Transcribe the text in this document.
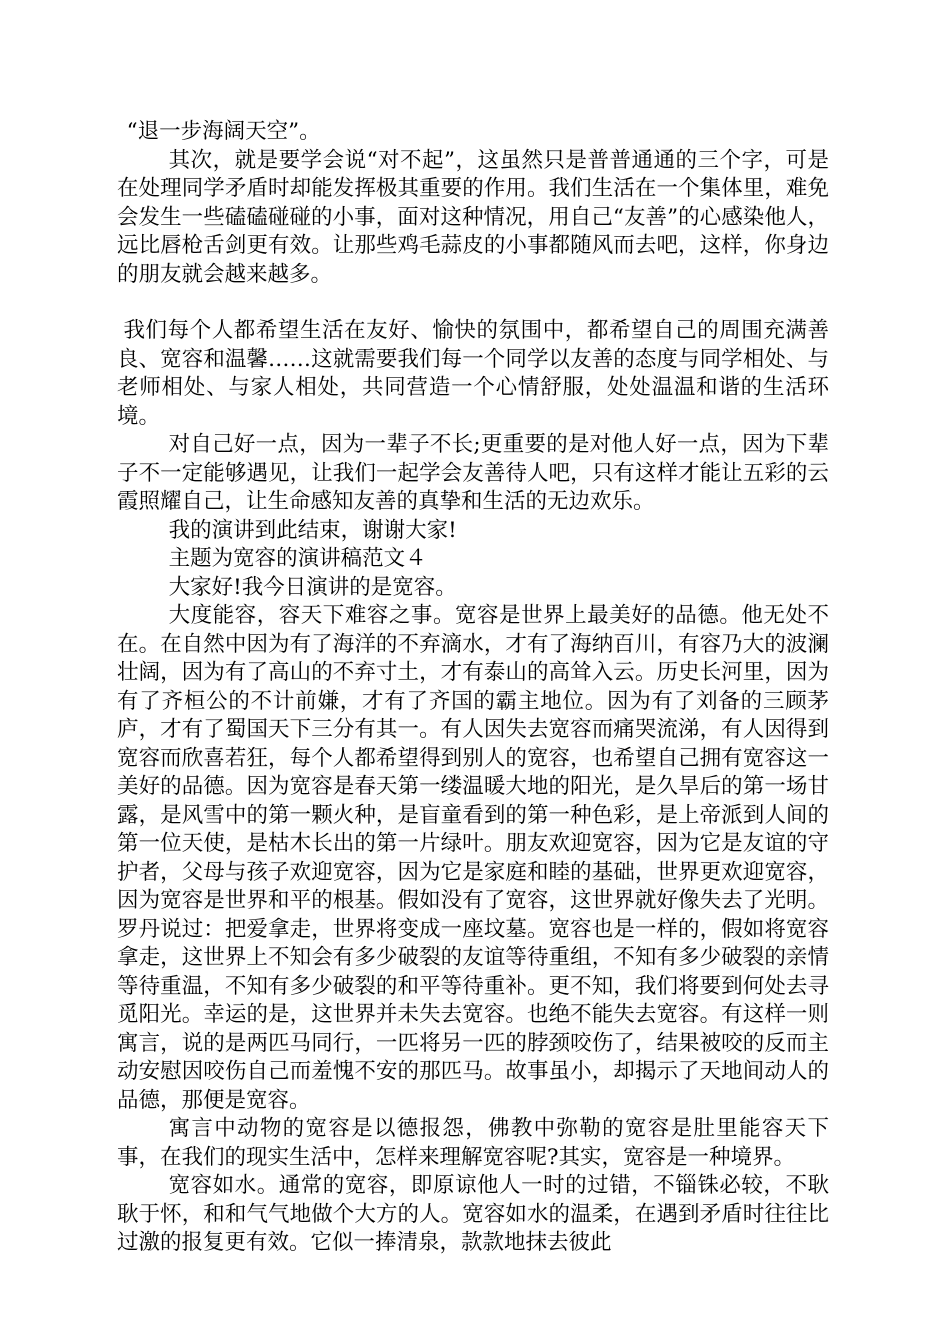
“退一步海阔天空”。

其次，就是要学会说“对不起”，这虽然只是普普通通的三个字，可是在处理同学矛盾时却能发挥极其重要的作用。我们生活在一个集体里，难免会发生一些磕磕碰碰的小事，面对这种情况，用自己“友善”的心感染他人，远比唇枪舌剑更有效。让那些鸡毛蒜皮的小事都随风而去吧，这样，你身边的朋友就会越来越多。

我们每个人都希望生活在友好、愉快的氛围中，都希望自己的周围充满善良、宽容和温馨……这就需要我们每一个同学以友善的态度与同学相处、与老师相处、与家人相处，共同营造一个心情舒服，处处温温和谐的生活环境。

对自己好一点，因为一辈子不长;更重要的是对他人好一点，因为下辈子不一定能够遇见，让我们一起学会友善待人吧，只有这样才能让五彩的云霞照耀自己，让生命感知友善的真挚和生活的无边欢乐。

我的演讲到此结束，谢谢大家!

主题为宽容的演讲稿范文４

大家好!我今日演讲的是宽容。

大度能容，容天下难容之事。宽容是世界上最美好的品德。他无处不在。在自然中因为有了海洋的不弃滴水，才有了海纳百川，有容乃大的波澜壮阔，因为有了高山的不弃寸土，才有泰山的高耸入云。历史长河里，因为有了齐桓公的不计前嫌，才有了齐国的霸主地位。因为有了刘备的三顾茅庐，才有了蜀国天下三分有其一。有人因失去宽容而痛哭流涕，有人因得到宽容而欣喜若狂，每个人都希望得到别人的宽容，也希望自己拥有宽容这一美好的品德。因为宽容是春天第一缕温暖大地的阳光，是久旱后的第一场甘露，是风雪中的第一颗火种，是盲童看到的第一种色彩，是上帝派到人间的第一位天使，是枯木长出的第一片绿叶。朋友欢迎宽容，因为它是友谊的守护者，父母与孩子欢迎宽容，因为它是家庭和睦的基础，世界更欢迎宽容，因为宽容是世界和平的根基。假如没有了宽容，这世界就好像失去了光明。罗丹说过：把爱拿走，世界将变成一座坟墓。宽容也是一样的，假如将宽容拿走，这世界上不知会有多少破裂的友谊等待重组，不知有多少破裂的亲情等待重温，不知有多少破裂的和平等待重补。更不知，我们将要到何处去寻觅阳光。幸运的是，这世界并未失去宽容。也绝不能失去宽容。有这样一则寓言，说的是两匹马同行，一匹将另一匹的脖颈咬伤了，结果被咬的反而主动安慰因咬伤自己而羞愧不安的那匹马。故事虽小，却揭示了天地间动人的品德，那便是宽容。

寓言中动物的宽容是以德报怨，佛教中弥勒的宽容是肚里能容天下事，在我们的现实生活中，怎样来理解宽容呢?其实，宽容是一种境界。

宽容如水。通常的宽容，即原谅他人一时的过错，不锱铢必较，不耿耿于怀，和和气气地做个大方的人。宽容如水的温柔，在遇到矛盾时往往比过激的报复更有效。它似一捧清泉，款款地抹去彼此
